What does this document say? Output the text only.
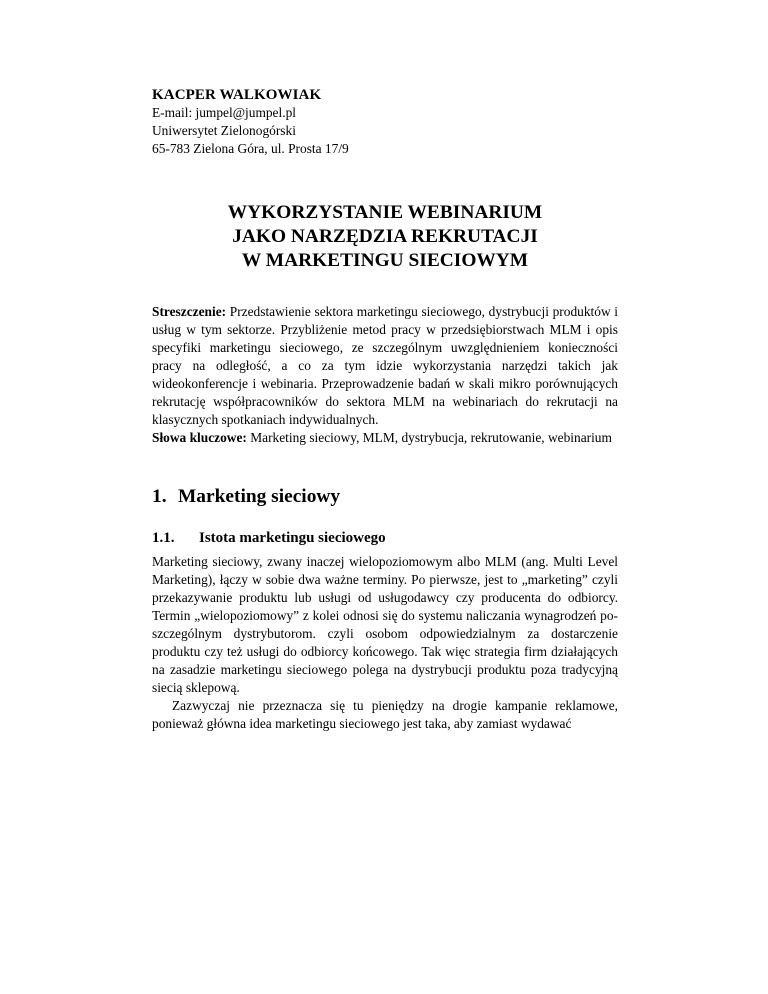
KACPER WALKOWIAK

E-mail: jumpel@jumpel.pl

Uniwersytet Zielonogórski

65-783 Zielona Góra, ul. Prosta 17/9

WYKORZYSTANIE WEBINARIUM
JAKO NARZĘDZIA REKRUTACJI
W MARKETINGU SIECIOWYM

Streszczenie: Przedstawienie sektora marketingu sieciowego, dystrybucji produktów i usług w tym sektorze. Przybliżenie metod pracy w przedsiębiorstwach MLM i opis specyfiki marketingu sieciowego, ze szczególnym uwzględnieniem konieczności pracy na odległość, a co za tym idzie wykorzystania narzędzi takich jak wideokonferencje i webinaria. Przeprowadzenie badań w skali mikro porównujących rekrutację współpracowników do sektora MLM na webinariach do rekrutacji na klasycznych spotkaniach indywidualnych.

Słowa kluczowe: Marketing sieciowy, MLM, dystrybucja, rekrutowanie, webinarium

1. Marketing sieciowy
1.1. Istota marketingu sieciowego

Marketing sieciowy, zwany inaczej wielopoziomowym albo MLM (ang. Multi Level Marketing), łączy w sobie dwa ważne terminy. Po pierwsze, jest to „marketing” czyli przekazywanie produktu lub usługi od usługodawcy czy producenta do odbiorcy. Termin „wielopoziomowy” z kolei odnosi się do systemu naliczania wynagrodzeń po-szczególnym dystrybutorom. czyli osobom odpowiedzialnym za dostarczenie produktu czy też usługi do odbiorcy końcowego. Tak więc strategia firm działających na zasadzie marketingu sieciowego polega na dystrybucji produktu poza tradycyjną siecią sklepową.

Zazwyczaj nie przeznacza się tu pieniędzy na drogie kampanie reklamowe, ponieważ główna idea marketingu sieciowego jest taka, aby zamiast wydawać
